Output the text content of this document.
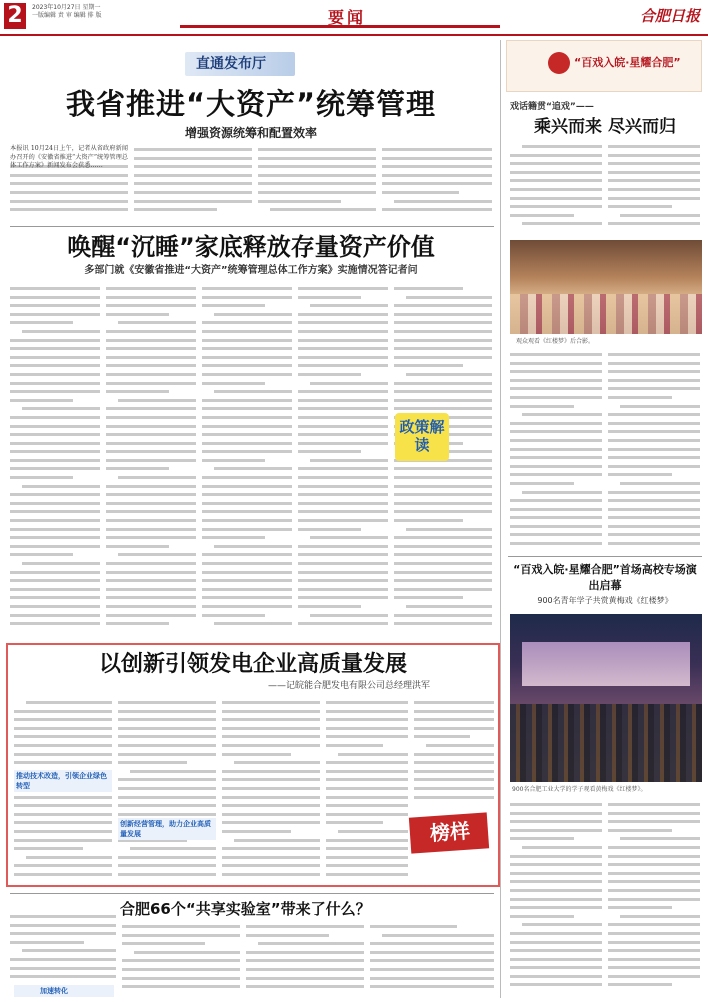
2	2023年10月27日 星期一
一版编辑 责 审 编辑 排 版	要闻	合肥日报
直通发布厅
我省推进“大资产”统筹管理
增强资源统筹和配置效率
唤醒“沉睡”家底释放存量资产价值
多部门就《安徽省推进“大资产”统筹管理总体工作方案》实施情况答记者问
政策解读
以创新引领发电企业高质量发展
——记皖能合肥发电有限公司总经理洪军
推动技术改造，引领企业绿色转型
创新经营管理，助力企业高质量发展	榜样
合肥66个“共享实验室”带来了什么？
加速转化
“百戏入皖·星耀合肥”
戏话籍贯“追戏”——
乘兴而来 尽兴而归
观众观看《红楼梦》后合影。
“百戏入皖·星耀合肥”首场高校专场演出启幕
900名青年学子共赏黄梅戏《红楼梦》
900名合肥工业大学的学子观看黄梅戏《红楼梦》。
本报讯 10月24日上午，记者从省政府新闻办召开的《安徽省推进“大资产”统筹管理总体工作方案》新闻发布会获悉……
